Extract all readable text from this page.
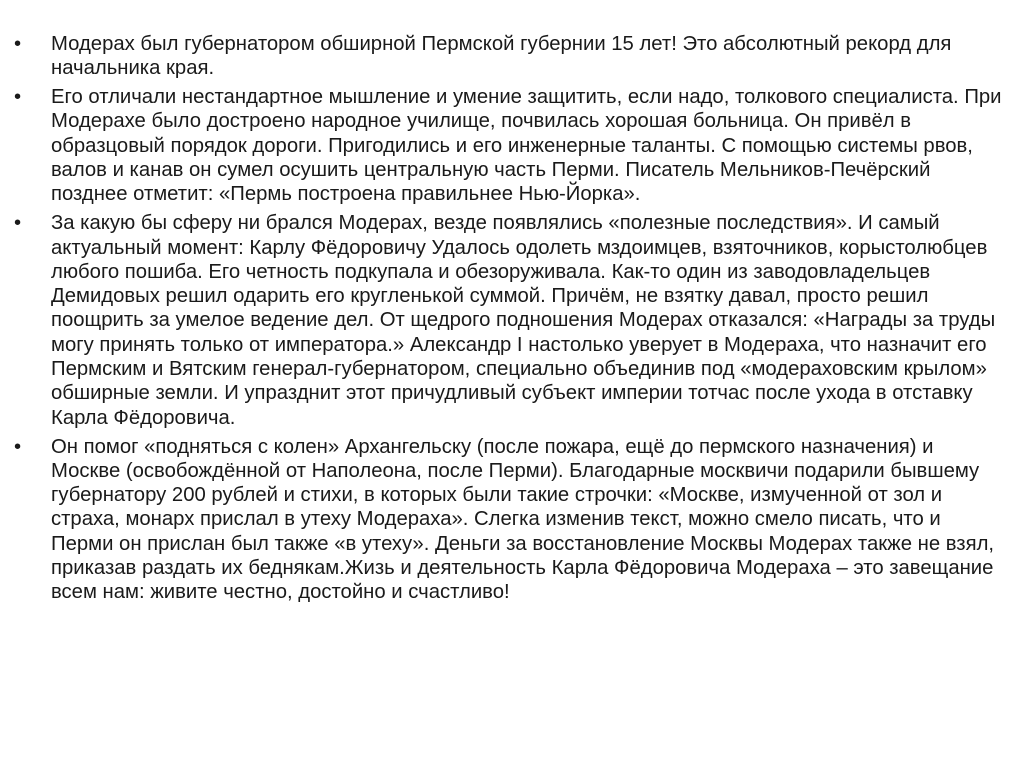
•	Модерах был губернатором обширной Пермской губернии 15 лет! Это абсолютный рекорд для начальника края.
•	Его отличали нестандартное мышление и умение защитить, если надо, толкового специалиста. При Модерахе было достроено народное училище, почвилась хорошая больница. Он привёл в образцовый порядок дороги. Пригодились и его инженерные таланты. С помощью системы рвов, валов и канав он сумел осушить центральную часть Перми. Писатель Мельников-Печёрский позднее отметит: «Пермь построена правильнее Нью-Йорка».
•	За какую бы сферу ни брался Модерах, везде появлялись «полезные последствия». И самый актуальный момент: Карлу Фёдоровичу Удалось одолеть мздоимцев, взяточников, корыстолюбцев любого пошиба. Его четность подкупала и обезоруживала. Как-то один из заводовладельцев Демидовых решил одарить его кругленькой суммой. Причём, не взятку давал, просто решил поощрить за умелое ведение дел. От щедрого подношения Модерах отказался: «Награды за труды могу принять только от императора.» Александр I настолько уверует в Модераха, что назначит его Пермским и Вятским генерал-губернатором, специально объединив под «модераховским крылом» обширные земли. И упразднит этот причудливый субъект империи тотчас после ухода в отставку Карла Фёдоровича.
•	Он помог «подняться с колен» Архангельску (после пожара, ещё до пермского назначения) и Москве (освобождённой от Наполеона, после Перми). Благодарные москвичи подарили бывшему губернатору 200 рублей и стихи, в которых были такие строчки: «Москве, измученной от зол и страха, монарх прислал в утеху Модераха». Слегка изменив текст, можно смело писать, что и Перми он прислан был также «в утеху». Деньги за восстановление Москвы Модерах также не взял, приказав раздать их беднякам.Жизь и деятельность Карла Фёдоровича Модераха – это завещание всем нам: живите честно, достойно и счастливо!
